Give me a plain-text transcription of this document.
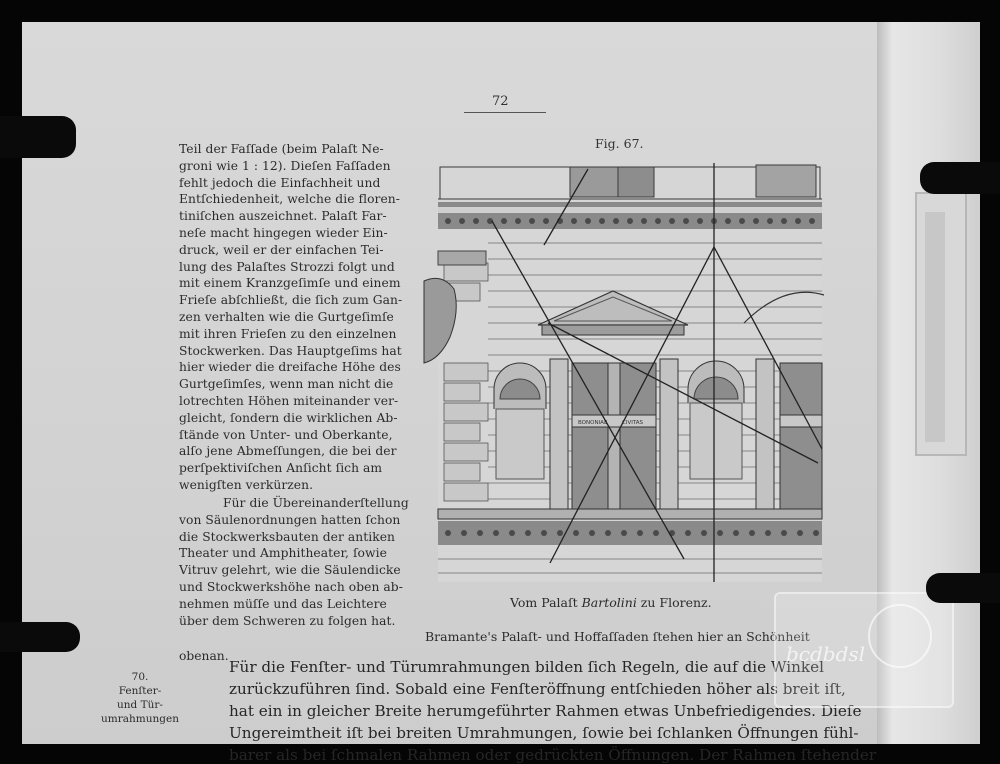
72
Fig. 67.
Teil der Faſſade (beim Palaſt Ne-
groni wie 1 : 12). Dieſen Faſſaden
fehlt jedoch die Einfachheit und
Entſchiedenheit, welche die floren-
tiniſchen auszeichnet. Palaſt Far-
neſe macht hingegen wieder Ein-
druck, weil er der einfachen Tei-
lung des Palaſtes Strozzi folgt und
mit einem Kranzgeſimſe und einem
Frieſe abſchließt, die ſich zum Gan-
zen verhalten wie die Gurtgeſimſe
mit ihren Frieſen zu den einzelnen
Stockwerken. Das Hauptgeſims hat
hier wieder die dreifache Höhe des
Gurtgeſimſes, wenn man nicht die
lotrechten Höhen miteinander ver-
gleicht, ſondern die wirklichen Ab-
ſtände von Unter- und Oberkante,
alſo jene Abmeſſungen, die bei der
perſpektiviſchen Anſicht ſich am
wenigſten verkürzen.
Für die Übereinanderſtellung
von Säulenordnungen hatten ſchon
die Stockwerksbauten der antiken
Theater und Amphitheater, ſowie
Vitruv gelehrt, wie die Säulendicke
und Stockwerkshöhe nach oben ab-
nehmen müſſe und das Leichtere
über dem Schweren zu folgen hat.
obenan.
BONONIAE	CIVITAS
Vom Palaſt Bartolini zu Florenz.
Bramante's Palaſt- und Hoffaſſaden ſtehen hier an Schönheit
70.
Fenſter-
und Tür-
umrahmungen
Für die Fenſter- und Türumrahmungen bilden ſich Regeln, die auf die Winkel
zurückzuführen ſind. Sobald eine Fenſteröffnung entſchieden höher als breit iſt,
hat ein in gleicher Breite herumgeführter Rahmen etwas Unbefriedigendes. Dieſe
Ungereimtheit iſt bei breiten Umrahmungen, ſowie bei ſchlanken Öffnungen fühl-
barer als bei ſchmalen Rahmen oder gedrückten Öffnungen. Der Rahmen ſtehender
bcdbdsl
